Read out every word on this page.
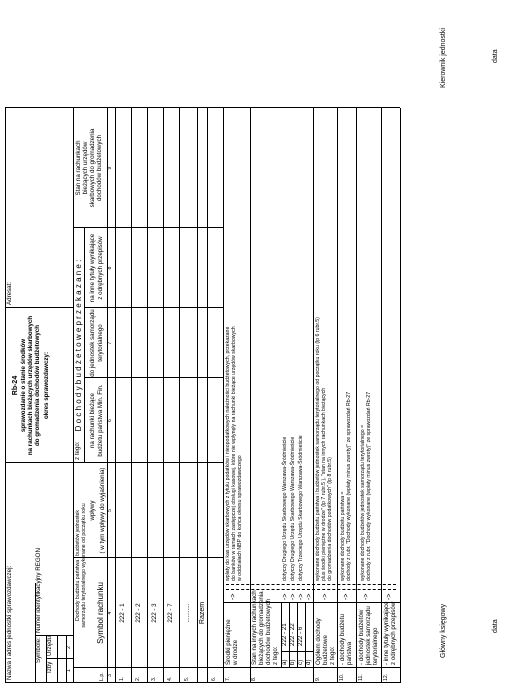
Nazwa i adres jednostki sprawozdawczej:	Symbole:
Numer identyfikacyjny REGON
Izby
Urzędu
1
2
Rb-24 sprawozdanie o stanie środków na rachunkach bieżących urzędów skarbowych do gromadzenia dochodów budżetowych okres sprawozdawczy:
Adresat:
Dochody budżetu państwa i budżetów jednostek samorządu terytorialnego wykonane od początku roku wpływy ( w tym wpływy do wyjaśnienia)
L.p.
Symbol rachunku
z tego:
D o c h o d y b u d ż e t o w e p r z e k a z a n e : na rachunki bieżące budżetu państwa Min. Fin.
do jednostek samorządu terytorialnego
na inne tytuły wynikające z odrębnych przepisów
Stan na rachunkach bieżących urzędów skarbowych do gromadzenia dochodów budżetowych
3
4
5
6
7
8
9
1.
222 - 1
2.
222 - 2
3.
222 - 3
4.
222 - 7
5.
...........
6.
Razem
7.
Środki pieniężne w drodze
->
wpłaty do kas urzędów skarbowych z tytułu podatków i nieopodatkowych należności budżetowych, przekazane do banków w ramach zastępczej obsługi kasowej, które nie wpłynęły na rachunki bieżące urzędów skarbowych w oddziałach NBP do końca okresu sprawozdawczego
8.
Stan na innych rachunkach bieżących do gromadzenia dochodów budżetowych z tego: a)
222 - 21
->
dotyczy Drugiego Urzędu Skarbowego Warszawa-Śródmieście
b)
222 - 22
->
dotyczy Drugiego Urzędu Skarbowego Warszawa-Śródmieście
c)
222 - 6
->
dotyczy Trzeciego Urzędu Skarbowego Warszawa-Śródmieście
d)
->
9.
Ogółem dochody budżetowe z tego:
->
wykonane dochody budżetu państwa i budżetów jednostek samorządu terytorialnego od początku roku (lp 6 rubr.5) plus środki pieniężne w drodze" (lp 7 rubr.5 ), "stan na innych rachunkach bieżących do gromadzenia dochodów podatkowych" (lp 8 rubr.5)
10.
- dochody budżetu państwa
->
wykonane dochody budżetu państwa = dochody z rubr. "Dochody wykonane (wpłaty minus zwroty)" ze sprawozdań Rb-27
11.
- dochody budżetów jednostek samorządu terytorialnego
->
wykonane dochody budżetów jednostek samorządu terytorialnego = dochody z rubr. "Dochody wykonane (wpłaty minus zwroty)" ze sprawozdań Rb-27
12.
- inne tytuły wynikające z odrębnych przepisów
->
Główny księgowy
Kierownik jednostki
data
data
